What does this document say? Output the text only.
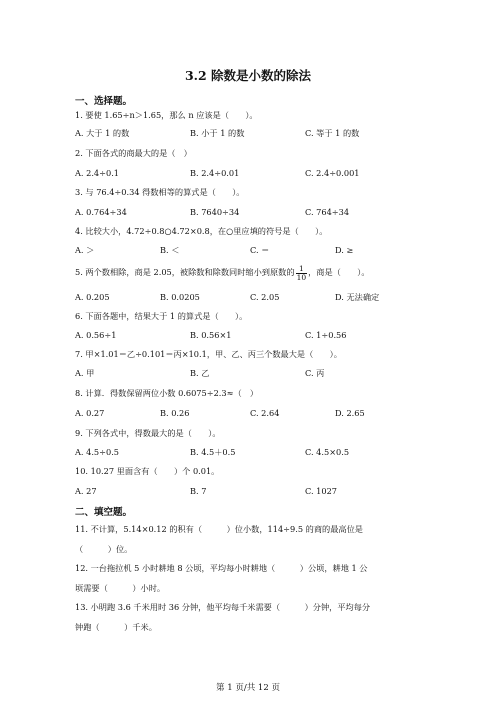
3.2 除数是小数的除法
一、选择题。
1. 要使 1.65÷n＞1.65，那么 n 应该是（　　）。
A. 大于 1 的数	B. 小于 1 的数	C. 等于 1 的数
2. 下面各式的商最大的是（　）
A. 2.4÷0.1	B. 2.4÷0.01	C. 2.4÷0.001
3. 与 76.4÷0.34 得数相等的算式是（　　）。
A. 0.764÷34	B. 7640÷34	C. 764÷34
4. 比较大小，4.72÷0.8○4.72×0.8，在○里应填的符号是（　　）。
A. ＞	B. ＜	C. ＝	D. ≥
5. 两个数相除，商是 2.05，被除数和除数同时缩小到原数的 $\frac{1}{10}$ ，商是（　　）。
A. 0.205	B. 0.0205	C. 2.05	D. 无法确定
6. 下面各题中，结果大于 1 的算式是（　　）。
A. 0.56÷1	B. 0.56×1	C. 1÷0.56
7. 甲×1.01＝乙÷0.101＝丙×10.1，甲、乙、丙三个数最大是（　　）。
A. 甲	B. 乙	C. 丙
8. 计算．得数保留两位小数 0.6075÷2.3≈（　）
A. 0.27	B. 0.26	C. 2.64	D. 2.65
9. 下列各式中，得数最大的是（　　）。
A. 4.5÷0.5	B. 4.5＋0.5	C. 4.5×0.5
10. 10.27 里面含有（　　）个 0.01。
A. 27	B. 7	C. 1027
二、填空题。
11. 不计算，5.14×0.12 的积有（　　　）位小数，114÷9.5 的商的最高位是
（　　　）位。
12. 一台拖拉机 5 小时耕地 8 公顷，平均每小时耕地（　　　）公顷，耕地 1 公
顷需要（　　　）小时。
13. 小明跑 3.6 千米用时 36 分钟，他平均每千米需要（　　　）分钟，平均每分
钟跑（　　　）千米。
第 1 页/共 12 页
